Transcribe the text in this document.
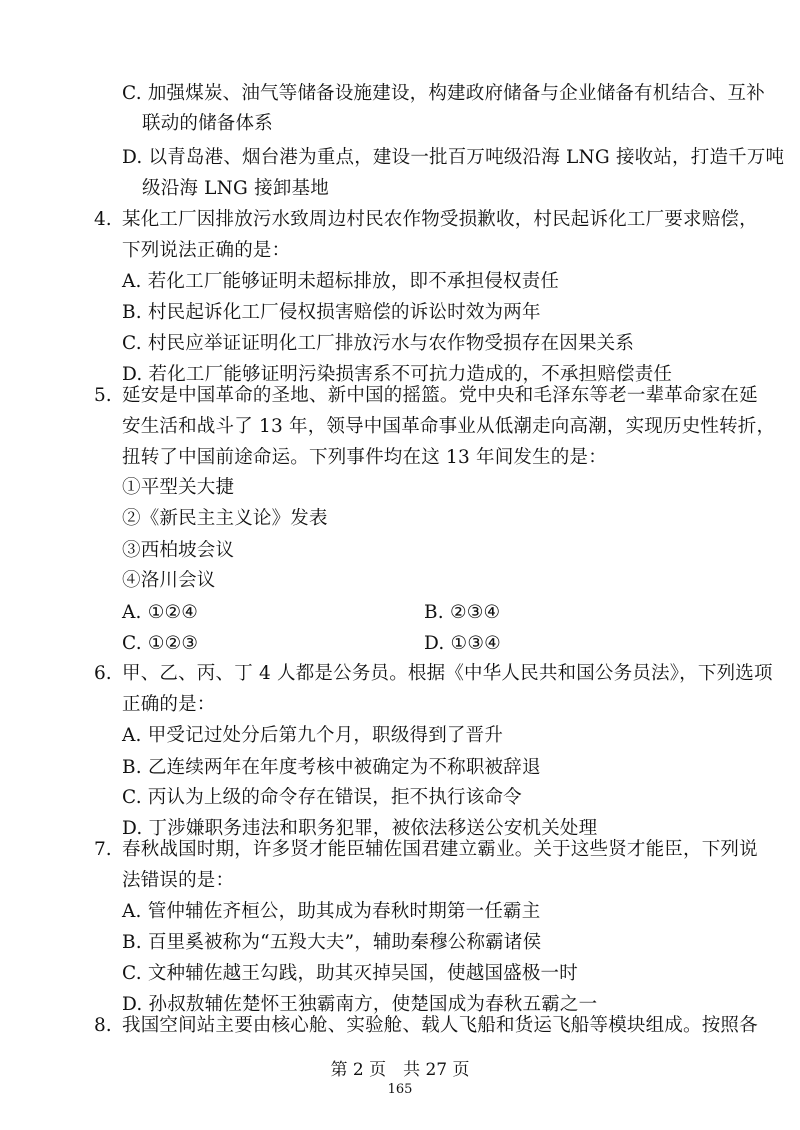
C. 加强煤炭、油气等储备设施建设，构建政府储备与企业储备有机结合、互补
联动的储备体系
D. 以青岛港、烟台港为重点，建设一批百万吨级沿海 LNG 接收站，打造千万吨
级沿海 LNG 接卸基地
4. 某化工厂因排放污水致周边村民农作物受损歉收，村民起诉化工厂要求赔偿，
下列说法正确的是：
A. 若化工厂能够证明未超标排放，即不承担侵权责任
B. 村民起诉化工厂侵权损害赔偿的诉讼时效为两年
C. 村民应举证证明化工厂排放污水与农作物受损存在因果关系
D. 若化工厂能够证明污染损害系不可抗力造成的，不承担赔偿责任
5. 延安是中国革命的圣地、新中国的摇篮。党中央和毛泽东等老一辈革命家在延
安生活和战斗了 13 年，领导中国革命事业从低潮走向高潮，实现历史性转折，
扭转了中国前途命运。下列事件均在这 13 年间发生的是：
①平型关大捷
②《新民主主义论》发表
③西柏坡会议
④洛川会议
A. ①②④	B. ②③④
C. ①②③	D. ①③④
6. 甲、乙、丙、丁 4 人都是公务员。根据《中华人民共和国公务员法》，下列选项
正确的是：
A. 甲受记过处分后第九个月，职级得到了晋升
B. 乙连续两年在年度考核中被确定为不称职被辞退
C. 丙认为上级的命令存在错误，拒不执行该命令
D. 丁涉嫌职务违法和职务犯罪，被依法移送公安机关处理
7. 春秋战国时期，许多贤才能臣辅佐国君建立霸业。关于这些贤才能臣，下列说
法错误的是：
A. 管仲辅佐齐桓公，助其成为春秋时期第一任霸主
B. 百里奚被称为“五羖大夫”，辅助秦穆公称霸诸侯
C. 文种辅佐越王勾践，助其灭掉吴国，使越国盛极一时
D. 孙叔敖辅佐楚怀王独霸南方，使楚国成为春秋五霸之一
8. 我国空间站主要由核心舱、实验舱、载人飞船和货运飞船等模块组成。按照各
第 2 页　共 27 页
165
